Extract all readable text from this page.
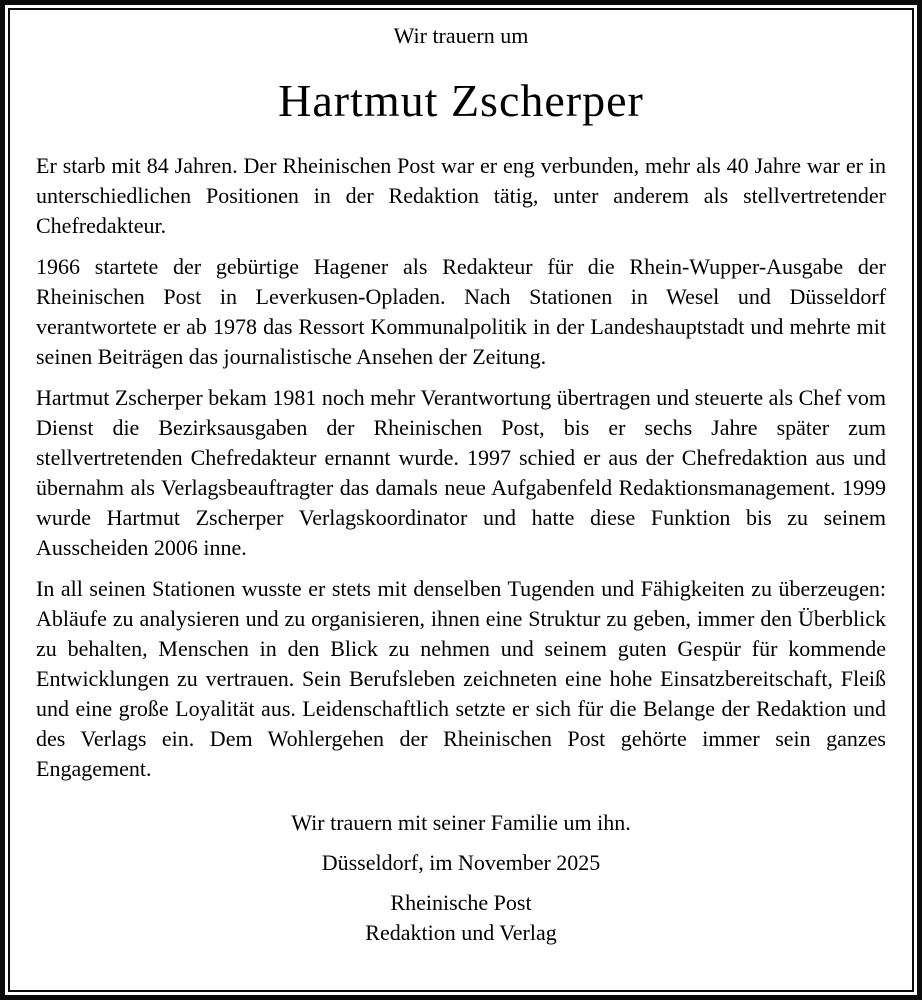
Wir trauern um

Hartmut Zscherper

Er starb mit 84 Jahren. Der Rheinischen Post war er eng verbunden, mehr als 40 Jahre war er in unterschiedlichen Positionen in der Redaktion tätig, unter anderem als stellvertretender Chefredakteur.

1966 startete der gebürtige Hagener als Redakteur für die Rhein-Wupper-Ausgabe der Rheinischen Post in Leverkusen-Opladen. Nach Stationen in Wesel und Düsseldorf verantwortete er ab 1978 das Ressort Kommunalpolitik in der Landeshauptstadt und mehrte mit seinen Beiträgen das journalistische Ansehen der Zeitung.

Hartmut Zscherper bekam 1981 noch mehr Verantwortung übertragen und steuerte als Chef vom Dienst die Bezirksausgaben der Rheinischen Post, bis er sechs Jahre später zum stellvertretenden Chefredakteur ernannt wurde. 1997 schied er aus der Chefredaktion aus und übernahm als Verlagsbeauftragter das damals neue Aufgabenfeld Redaktionsmanagement. 1999 wurde Hartmut Zscherper Verlagskoordinator und hatte diese Funktion bis zu seinem Ausscheiden 2006 inne.

In all seinen Stationen wusste er stets mit denselben Tugenden und Fähigkeiten zu überzeugen: Abläufe zu analysieren und zu organisieren, ihnen eine Struktur zu geben, immer den Überblick zu behalten, Menschen in den Blick zu nehmen und seinem guten Gespür für kommende Entwicklungen zu vertrauen. Sein Berufsleben zeichneten eine hohe Einsatzbereitschaft, Fleiß und eine große Loyalität aus. Leidenschaftlich setzte er sich für die Belange der Redaktion und des Verlags ein. Dem Wohlergehen der Rheinischen Post gehörte immer sein ganzes Engagement.

Wir trauern mit seiner Familie um ihn.

Düsseldorf, im November 2025

Rheinische Post
Redaktion und Verlag
